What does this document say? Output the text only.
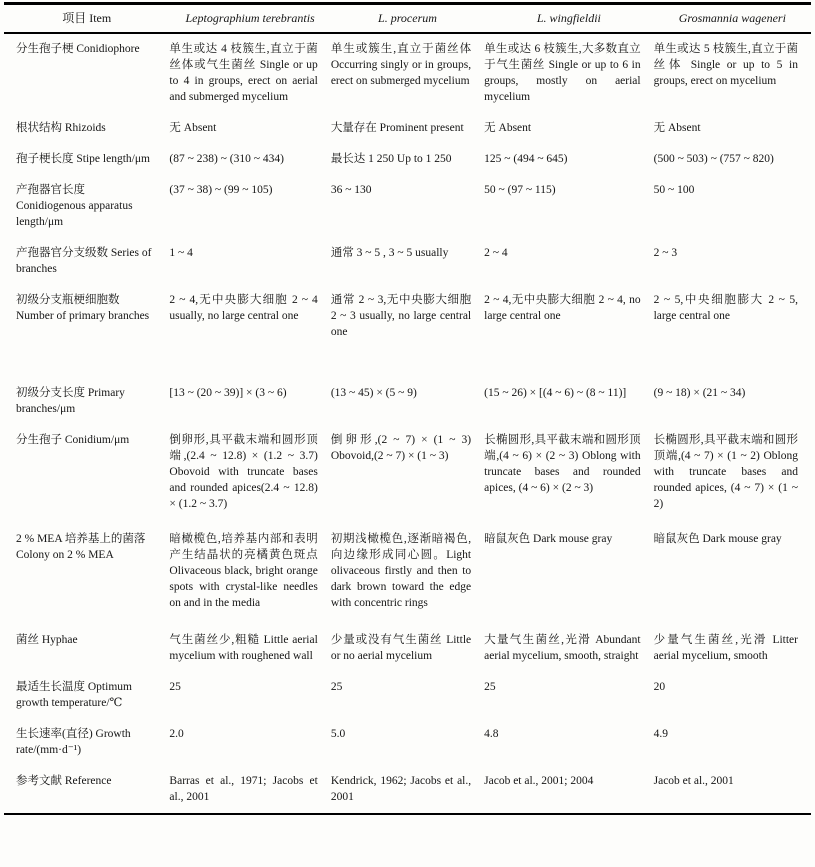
项目 Item	Leptographium terebrantis	L. procerum	L. wingfieldii	Grosmannia wageneri
分生孢子梗 Conidiophore	单生或达 4 枝簇生,直立于菌丝体或气生菌丝 Single or up to 4 in groups, erect on aerial and submerged mycelium	单生或簇生,直立于菌丝体 Occurring singly or in groups, erect on submerged mycelium	单生或达 6 枝簇生,大多数直立于气生菌丝 Single or up to 6 in groups, mostly on aerial mycelium	单生或达 5 枝簇生,直立于菌丝体 Single or up to 5 in groups, erect on mycelium
根状结构 Rhizoids	无 Absent	大量存在 Prominent present	无 Absent	无 Absent
孢子梗长度 Stipe length/μm	(87 ~ 238) ~ (310 ~ 434)	最长达 1 250 Up to 1 250	125 ~ (494 ~ 645)	(500 ~ 503) ~ (757 ~ 820)
产孢器官长度 Conidiogenous apparatus length/μm	(37 ~ 38) ~ (99 ~ 105)	36 ~ 130	50 ~ (97 ~ 115)	50 ~ 100
产孢器官分支级数 Series of branches	1 ~ 4	通常 3 ~ 5 , 3 ~ 5 usually	2 ~ 4	2 ~ 3
初级分支瓶梗细胞数 Number of primary branches	2 ~ 4,无中央膨大细胞 2 ~ 4 usually, no large central one	通常 2 ~ 3,无中央膨大细胞 2 ~ 3 usually, no large central one	2 ~ 4,无中央膨大细胞 2 ~ 4, no large central one	2 ~ 5,中央细胞膨大 2 ~ 5, large central one
初级分支长度 Primary branches/μm	[13 ~ (20 ~ 39)] × (3 ~ 6)	(13 ~ 45) × (5 ~ 9)	(15 ~ 26) × [(4 ~ 6) ~ (8 ~ 11)]	(9 ~ 18) × (21 ~ 34)
分生孢子 Conidium/μm	倒卵形,具平截末端和圆形顶端,(2.4 ~ 12.8) × (1.2 ~ 3.7) Obovoid with truncate bases and rounded apices(2.4 ~ 12.8) × (1.2 ~ 3.7)	倒卵形,(2 ~ 7) × (1 ~ 3) Obovoid,(2 ~ 7) × (1 ~ 3)	长椭圆形,具平截末端和圆形顶端,(4 ~ 6) × (2 ~ 3) Oblong with truncate bases and rounded apices, (4 ~ 6) × (2 ~ 3)	长椭圆形,具平截末端和圆形顶端,(4 ~ 7) × (1 ~ 2) Oblong with truncate bases and rounded apices, (4 ~ 7) × (1 ~ 2)
2 % MEA 培养基上的菌落 Colony on 2 % MEA	暗橄榄色,培养基内部和表明产生结晶状的亮橘黄色斑点 Olivaceous black, bright orange spots with crystal-like needles on and in the media	初期浅橄榄色,逐渐暗褐色,向边缘形成同心圆。Light olivaceous firstly and then to dark brown toward the edge with concentric rings	暗鼠灰色 Dark mouse gray	暗鼠灰色 Dark mouse gray
菌丝 Hyphae	气生菌丝少,粗糙 Little aerial mycelium with roughened wall	少量或没有气生菌丝 Little or no aerial mycelium	大量气生菌丝,光滑 Abundant aerial mycelium, smooth, straight	少量气生菌丝,光滑 Litter aerial mycelium, smooth
最适生长温度 Optimum growth temperature/℃	25	25	25	20
生长速率(直径) Growth rate/(mm·d⁻¹)	2.0	5.0	4.8	4.9
参考文献 Reference	Barras et al., 1971; Jacobs et al., 2001	Kendrick, 1962; Jacobs et al., 2001	Jacob et al., 2001; 2004	Jacob et al., 2001
